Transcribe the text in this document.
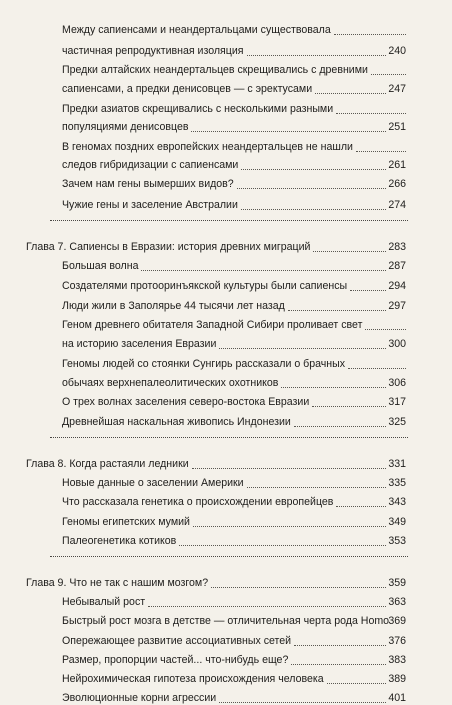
Между сапиенсами и неандертальцами существовала
частичная репродуктивная изоляция	240
Предки алтайских неандертальцев скрещивались с древними
сапиенсами, а предки денисовцев — с эректусами	247
Предки азиатов скрещивались с несколькими разными
популяциями денисовцев	251
В геномах поздних европейских неандертальцев не нашли
следов гибридизации с сапиенсами	261
Зачем нам гены вымерших видов?	266
Чужие гены и заселение Австралии	274
Глава 7. Сапиенсы в Евразии: история древних миграций	283
Большая волна	287
Создателями протооринъякской культуры были сапиенсы	294
Люди жили в Заполярье 44 тысячи лет назад	297
Геном древнего обитателя Западной Сибири проливает свет
на историю заселения Евразии	300
Геномы людей со стоянки Сунгирь рассказали о брачных
обычаях верхнепалеолитических охотников	306
О трех волнах заселения северо-востока Евразии	317
Древнейшая наскальная живопись Индонезии	325
Глава 8. Когда растаяли ледники	331
Новые данные о заселении Америки	335
Что рассказала генетика о происхождении европейцев	343
Геномы египетских мумий	349
Палеогенетика котиков	353
Глава 9. Что не так с нашим мозгом?	359
Небывалый рост	363
Быстрый рост мозга в детстве — отличительная черта рода Homo 369
Опережающее развитие ассоциативных сетей	376
Размер, пропорции частей... что-нибудь еще?	383
Нейрохимическая гипотеза происхождения человека	389
Эволюционные корни агрессии	401
